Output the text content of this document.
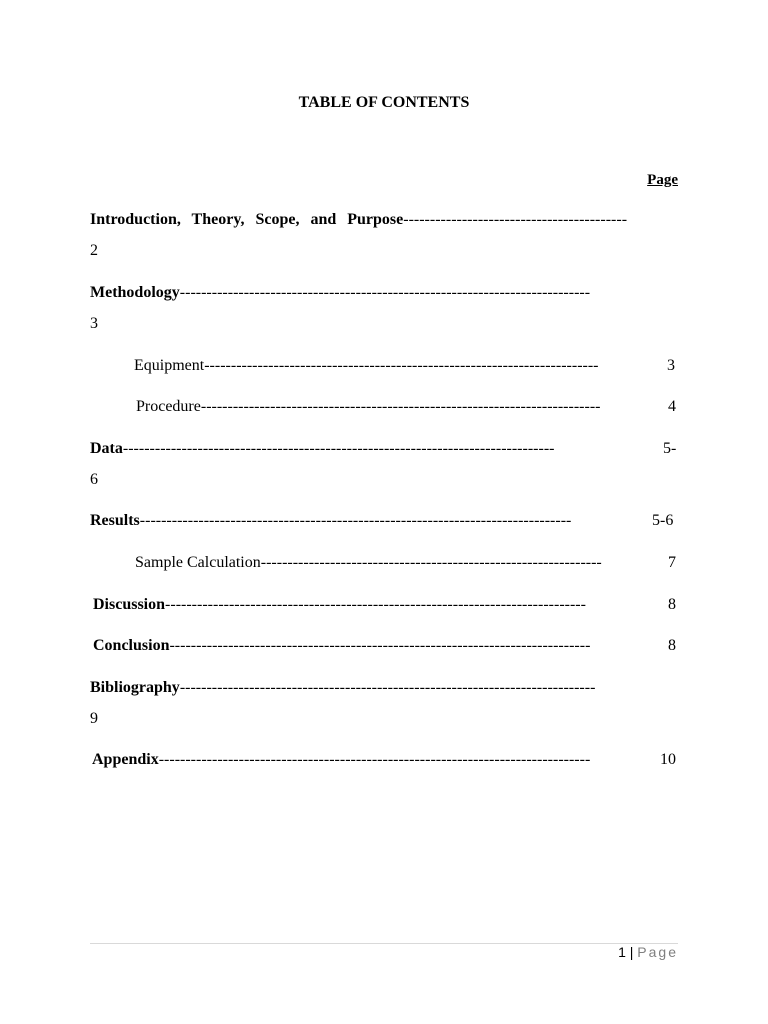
TABLE OF CONTENTS
Page
Introduction, Theory, Scope, and Purpose------------------------------------------
2
Methodology-----------------------------------------------------------------------------
3
Equipment--------------------------------------------------------------------------	3
Procedure---------------------------------------------------------------------------	4
Data---------------------------------------------------------------------------------	5-
6
Results---------------------------------------------------------------------------------	5-6
Sample Calculation----------------------------------------------------------------	7
Discussion-------------------------------------------------------------------------------	8
Conclusion-------------------------------------------------------------------------------	8
Bibliography------------------------------------------------------------------------------
9
Appendix---------------------------------------------------------------------------------	10
1 | Page
